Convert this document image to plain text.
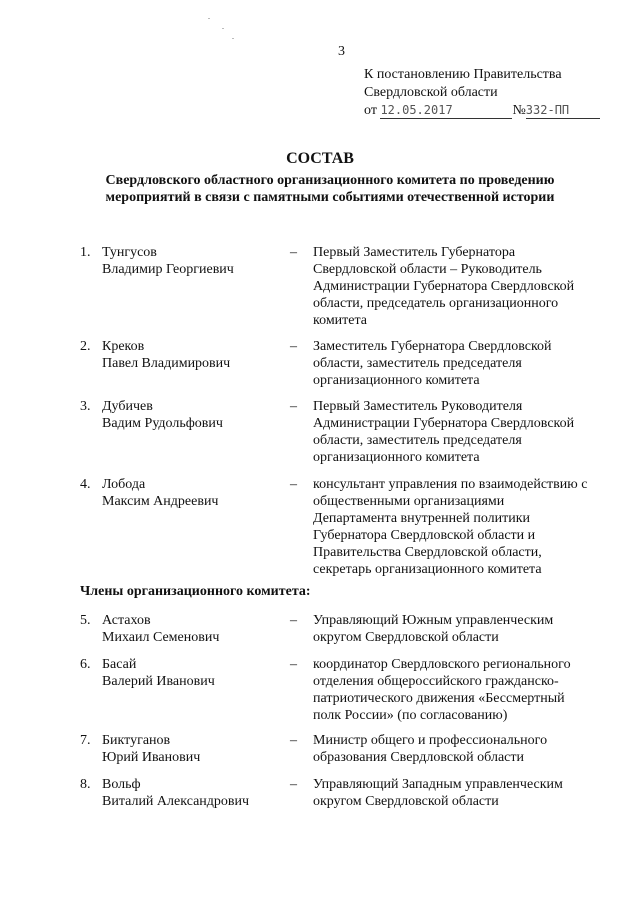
3
К постановлению Правительства
Свердловской области
от 12.05.2017	№332-ПП
СОСТАВ
Свердловского областного организационного комитета по проведению
мероприятий в связи с памятными событиями отечественной истории
1. Тунгусов
Владимир Георгиевич
– Первый Заместитель Губернатора
Свердловской области – Руководитель
Администрации Губернатора Свердловской
области, председатель организационного
комитета
2. Креков
Павел Владимирович
– Заместитель Губернатора Свердловской
области, заместитель председателя
организационного комитета
3. Дубичев
Вадим Рудольфович
– Первый Заместитель Руководителя
Администрации Губернатора Свердловской
области, заместитель председателя
организационного комитета
4. Лобода
Максим Андреевич
– консультант управления по взаимодействию с
общественными организациями
Департамента внутренней политики
Губернатора Свердловской области и
Правительства Свердловской области,
секретарь организационного комитета
Члены организационного комитета:
5. Астахов
Михаил Семенович
– Управляющий Южным управленческим
округом Свердловской области
6. Басай
Валерий Иванович
– координатор Свердловского регионального
отделения общероссийского гражданско-
патриотического движения «Бессмертный
полк России» (по согласованию)
7. Биктуганов
Юрий Иванович
– Министр общего и профессионального
образования Свердловской области
8. Вольф
Виталий Александрович
– Управляющий Западным управленческим
округом Свердловской области
